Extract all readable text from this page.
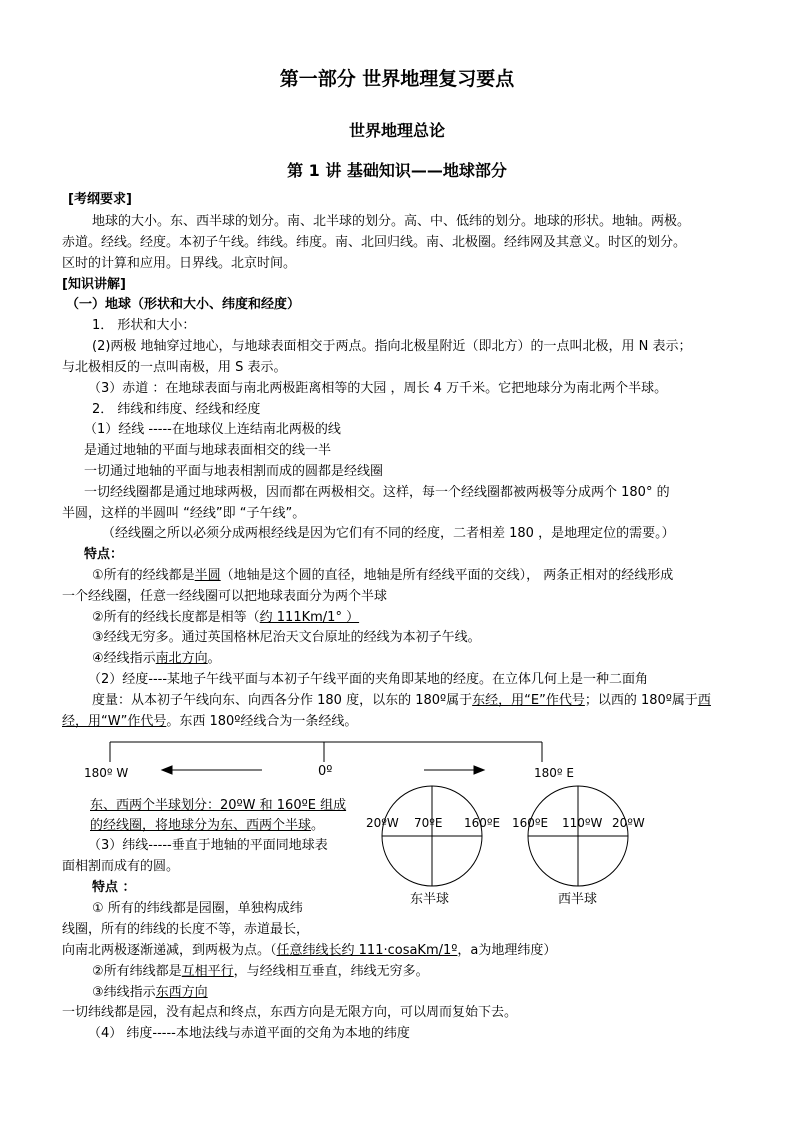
第一部分 世界地理复习要点
世界地理总论
第 1 讲 基础知识——地球部分
[考纲要求]
地球的大小。东、西半球的划分。南、北半球的划分。高、中、低纬的划分。地球的形状。地轴。两极。
赤道。经线。经度。本初子午线。纬线。纬度。南、北回归线。南、北极圈。经纬网及其意义。时区的划分。
区时的计算和应用。日界线。北京时间。
[知识讲解]
（一）地球（形状和大小、纬度和经度）
1． 形状和大小：
(2)两极 地轴穿过地心，与地球表面相交于两点。指向北极星附近（即北方）的一点叫北极，用 N 表示；
与北极相反的一点叫南极，用 S 表示。
（3）赤道 ：在地球表面与南北两极距离相等的大园 ，周长 4 万千米。它把地球分为南北两个半球。
2． 纬线和纬度、经线和经度
（1）经线 -----在地球仪上连结南北两极的线
是通过地轴的平面与地球表面相交的线一半
一切通过地轴的平面与地表相割而成的圆都是经线圈
一切经线圈都是通过地球两极，因而都在两极相交。这样，每一个经线圈都被两极等分成两个 180° 的
半圆，这样的半圆叫 “经线”即 “子午线”。
（经线圈之所以必须分成两根经线是因为它们有不同的经度，二者相差 180 ，是地理定位的需要。）
特点：
①所有的经线都是半圆（地轴是这个圆的直径，地轴是所有经线平面的交线）， 两条正相对的经线形成
一个经线圈，任意一经线圈可以把地球表面分为两个半球
②所有的经线长度都是相等（约 111Km/1° ）
③经线无穷多。通过英国格林尼治天文台原址的经线为本初子午线。
④经线指示南北方向。
（2）经度----某地子午线平面与本初子午线平面的夹角即某地的经度。在立体几何上是一种二面角
度量：从本初子午线向东、向西各分作 180 度，以东的 180º属于东经，用“E”作代号；以西的 180º属于西
经，用“W”作代号。东西 180º经线合为一条经线。
180º W	0º	180º E
20ºW 70ºE 160ºE 160ºE 110ºW 20ºW
东半球	西半球
东、西两个半球划分：20ºW 和 160ºE 组成
的经线圈，将地球分为东、西两个半球。
（3）纬线-----垂直于地轴的平面同地球表
面相割而成有的圆。
特点 ：
① 所有的纬线都是园圈，单独构成纬
线圈，所有的纬线的长度不等，赤道最长，
向南北两极逐渐递减，到两极为点。（任意纬线长约 111·cosaKm/1º，a为地理纬度）
②所有纬线都是互相平行，与经线相互垂直，纬线无穷多。
③纬线指示东西方向
一切纬线都是园，没有起点和终点，东西方向是无限方向，可以周而复始下去。
（4） 纬度-----本地法线与赤道平面的交角为本地的纬度
